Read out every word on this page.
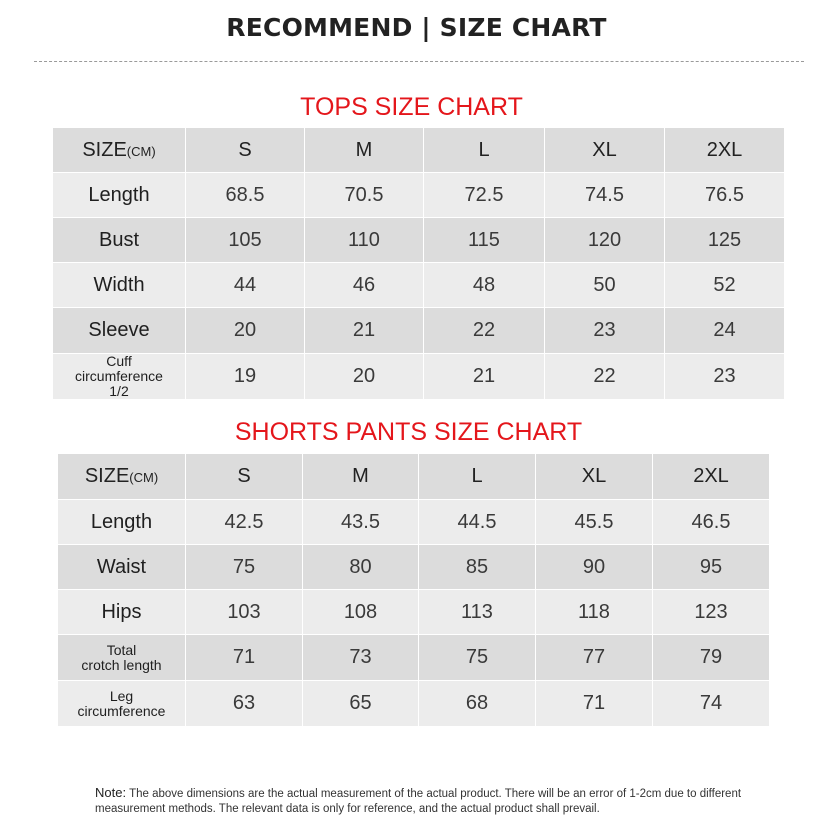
RECOMMEND | SIZE CHART
TOPS SIZE CHART
SIZE(CM)	S	M	L	XL	2XL
Length	68.5	70.5	72.5	74.5	76.5
Bust	105	110	115	120	125
Width	44	46	48	50	52
Sleeve	20	21	22	23	24

Cuff
circumference
1/2	19	20	21	22	23
SHORTS PANTS SIZE CHART
SIZE(CM)	S	M	L	XL	2XL
Length	42.5	43.5	44.5	45.5	46.5
Waist	75	80	85	90	95
Hips	103	108	113	118	123

Total
crotch length	71	73	75	77	79

Leg
circumference	63	65	68	71	74
Note: The above dimensions are the actual measurement of the actual product. There will be an error of 1-2cm due to different measurement methods. The relevant data is only for reference, and the actual product shall prevail.
